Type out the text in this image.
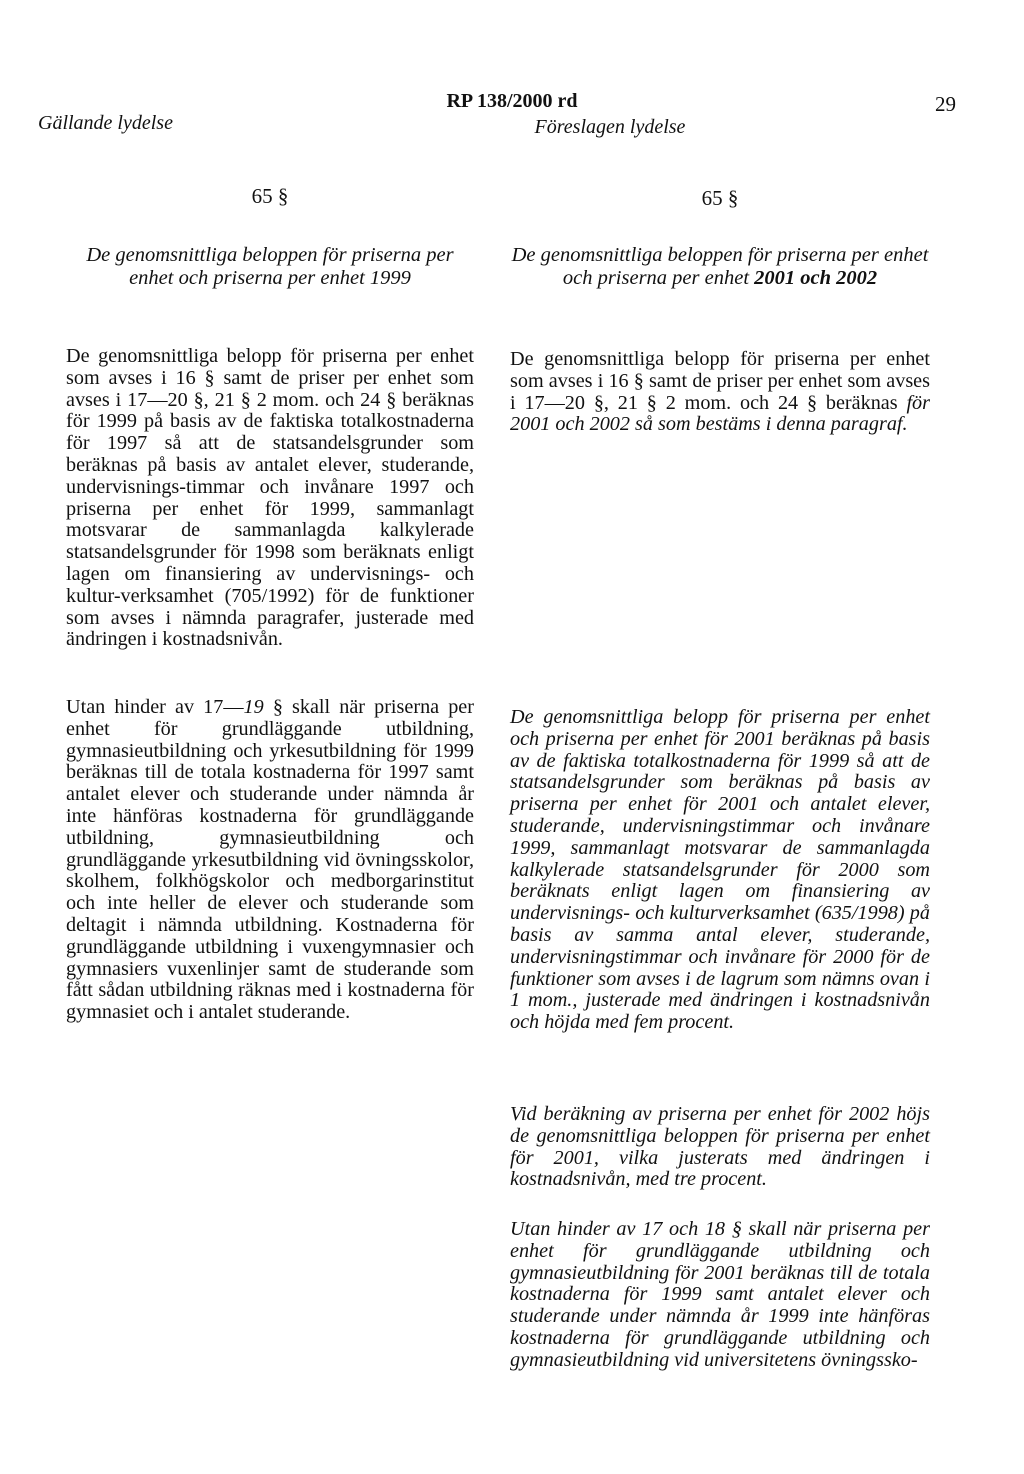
Gällande lydelse
RP 138/2000 rd
Föreslagen lydelse
29
65 §
De genomsnittliga beloppen för priserna per enhet och priserna per enhet 1999

De genomsnittliga belopp för priserna per enhet som avses i 16 § samt de priser per enhet som avses i 17—20 §, 21 § 2 mom. och 24 § beräknas för 1999 på basis av de faktiska totalkostnaderna för 1997 så att de statsandelsgrunder som beräknas på basis av antalet elever, studerande, undervisnings-timmar och invånare 1997 och priserna per enhet för 1999, sammanlagt motsvarar de sammanlagda kalkylerade statsandelsgrunder för 1998 som beräknats enligt lagen om finansiering av undervisnings- och kultur-verksamhet (705/1992) för de funktioner som avses i nämnda paragrafer, justerade med ändringen i kostnadsnivån.

Utan hinder av 17—19 § skall när priserna per enhet för grundläggande utbildning, gymnasieutbildning och yrkesutbildning för 1999 beräknas till de totala kostnaderna för 1997 samt antalet elever och studerande under nämnda år inte hänföras kostnaderna för grundläggande utbildning, gymnasieutbildning och grundläggande yrkesutbildning vid övningsskolor, skolhem, folkhögskolor och medborgarinstitut och inte heller de elever och studerande som deltagit i nämnda utbildning. Kostnaderna för grundläggande utbildning i vuxengymnasier och gymnasiers vuxenlinjer samt de studerande som fått sådan utbildning räknas med i kostnaderna för gymnasiet och i antalet studerande.

65 §
De genomsnittliga beloppen för priserna per enhet och priserna per enhet 2001 och 2002

De genomsnittliga belopp för priserna per enhet som avses i 16 § samt de priser per enhet som avses i 17—20 §, 21 § 2 mom. och 24 § beräknas för 2001 och 2002 så som bestäms i denna paragraf.

De genomsnittliga belopp för priserna per enhet och priserna per enhet för 2001 beräknas på basis av de faktiska totalkostnaderna för 1999 så att de statsandelsgrunder som beräknas på basis av priserna per enhet för 2001 och antalet elever, studerande, undervisningstimmar och invånare 1999, sammanlagt motsvarar de sammanlagda kalkylerade statsandelsgrunder för 2000 som beräknats enligt lagen om finansiering av undervisnings- och kulturverksamhet (635/1998) på basis av samma antal elever, studerande, undervisningstimmar och invånare för 2000 för de funktioner som avses i de lagrum som nämns ovan i 1 mom., justerade med ändringen i kostnadsnivån och höjda med fem procent.

Vid beräkning av priserna per enhet för 2002 höjs de genomsnittliga beloppen för priserna per enhet för 2001, vilka justerats med ändringen i kostnadsnivån, med tre procent.

Utan hinder av 17 och 18 § skall när priserna per enhet för grundläggande utbildning och gymnasieutbildning för 2001 beräknas till de totala kostnaderna för 1999 samt antalet elever och studerande under nämnda år 1999 inte hänföras kostnaderna för grundläggande utbildning och gymnasieutbildning vid universitetens övningssko-
